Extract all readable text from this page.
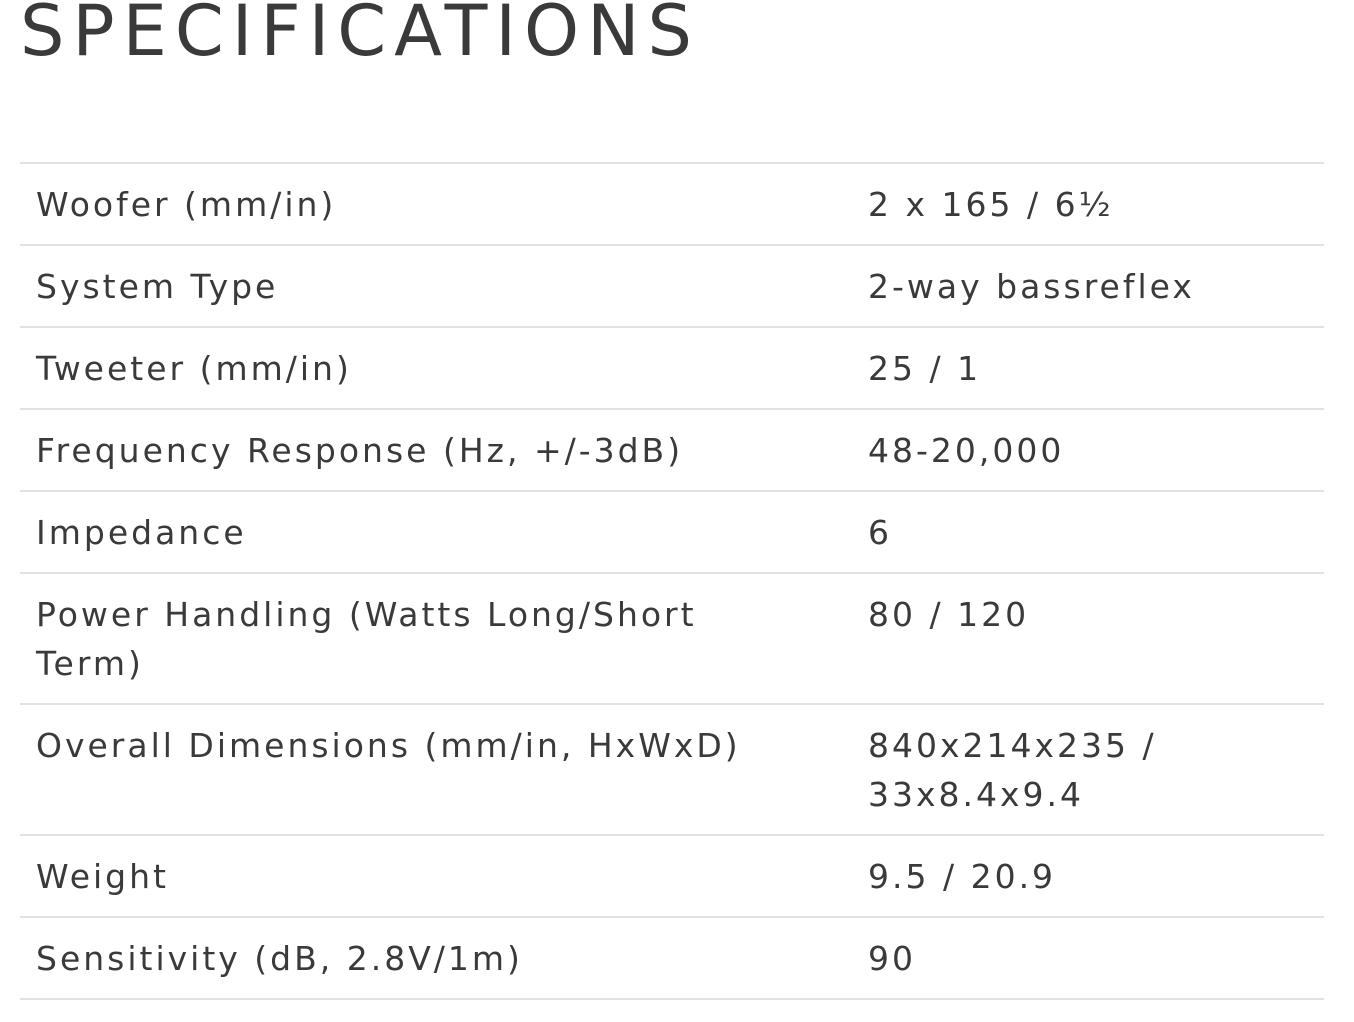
SPECIFICATIONS
Woofer (mm/in)	2 x 165 / 6½
System Type	2-way bassreflex
Tweeter (mm/in)	25 / 1
Frequency Response (Hz, +/-3dB)	48-20,000
Impedance	6
Power Handling (Watts Long/Short Term)	80 / 120
Overall Dimensions (mm/in, HxWxD)	840x214x235 / 33x8.4x9.4
Weight	9.5 / 20.9
Sensitivity (dB, 2.8V/1m)	90
